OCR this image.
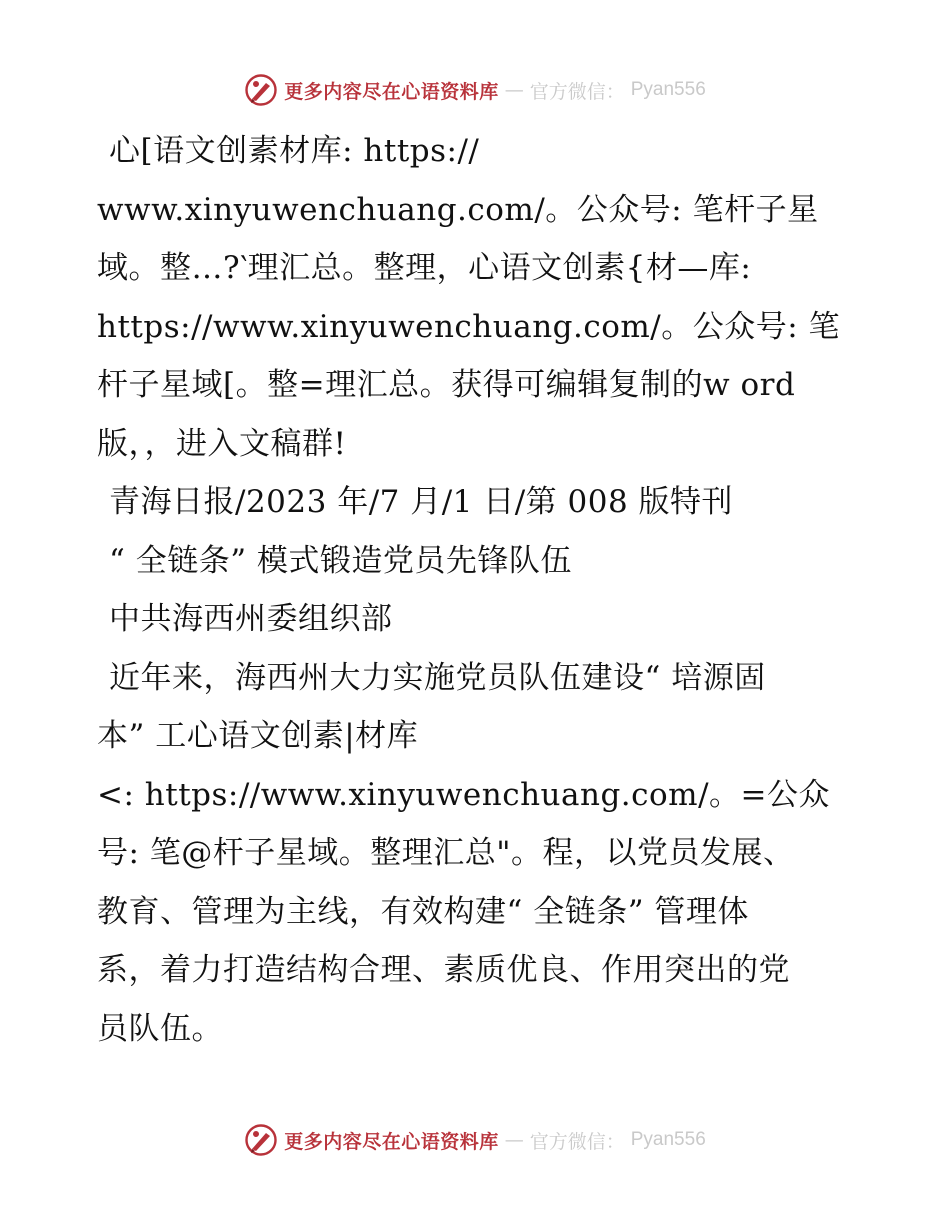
更多内容尽在心语资料库 — 官方微信： Pyan556

心[语文创素材库: https://

www.xinyuwenchuang.com/。公众号: 笔杆子星

域。整…?‵理汇总。整理，心语文创素{材—库:

https://www.xinyuwenchuang.com/。公众号: 笔

杆子星域[。整=理汇总。获得可编辑复制的w ord

版，，进入文稿群!

青海日报/2023 年/7 月/1 日/第 008 版特刊

“ 全链条” 模式锻造党员先锋队伍

中共海西州委组织部

近年来，海西州大力实施党员队伍建设“ 培源固

本” 工心语文创素|材库

<: https://www.xinyuwenchuang.com/。=公众

号: 笔@杆子星域。整理汇总"。程，以党员发展、

教育、管理为主线，有效构建“ 全链条” 管理体

系，着力打造结构合理、素质优良、作用突出的党

员队伍。

更多内容尽在心语资料库 — 官方微信： Pyan556
